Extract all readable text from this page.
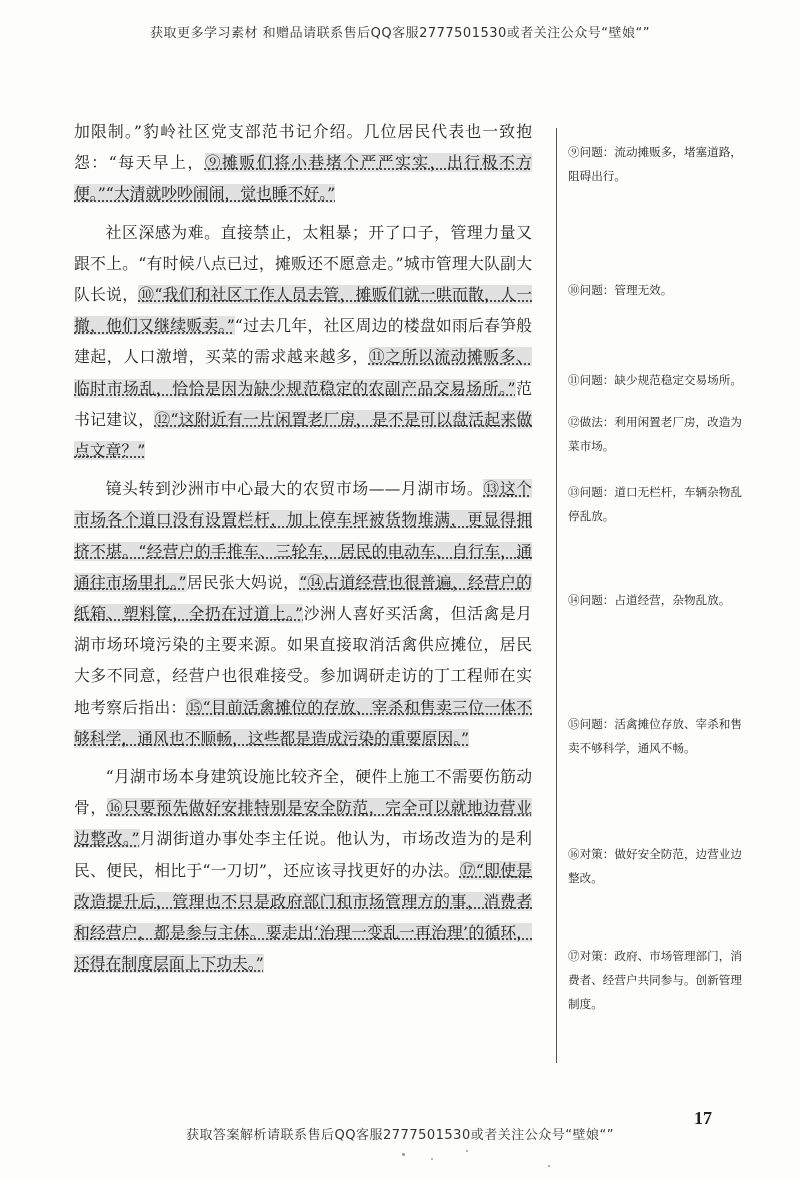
获取更多学习素材 和赠品请联系售后QQ客服2777501530或者关注公众号“壁娘“”

加限制。”豹岭社区党支部范书记介绍。几位居民代表也一致抱怨：“每天早上，⑨摊贩们将小巷堵个严严实实，出行极不方便。”“大清就吵吵闹闹，觉也睡不好。”

社区深感为难。直接禁止，太粗暴；开了口子，管理力量又跟不上。“有时候八点已过，摊贩还不愿意走。”城市管理大队副大队长说，⑩“我们和社区工作人员去管，摊贩们就一哄而散，人一撤，他们又继续贩卖。”“过去几年，社区周边的楼盘如雨后春笋般建起，人口激增，买菜的需求越来越多，⑪之所以流动摊贩多、临时市场乱，恰恰是因为缺少规范稳定的农副产品交易场所。”范书记建议，⑫“这附近有一片闲置老厂房，是不是可以盘活起来做点文章？”

镜头转到沙洲市中心最大的农贸市场——月湖市场。⑬这个市场各个道口没有设置栏杆，加上停车坪被货物堆满，更显得拥挤不堪。“经营户的手推车、三轮车，居民的电动车、自行车，通通往市场里扎。”居民张大妈说，“⑭占道经营也很普遍，经营户的纸箱、塑料筐，全扔在过道上。”沙洲人喜好买活禽，但活禽是月湖市场环境污染的主要来源。如果直接取消活禽供应摊位，居民大多不同意，经营户也很难接受。参加调研走访的丁工程师在实地考察后指出：⑮“目前活禽摊位的存放、宰杀和售卖三位一体不够科学，通风也不顺畅，这些都是造成污染的重要原因。”

“月湖市场本身建筑设施比较齐全，硬件上施工不需要伤筋动骨，⑯只要预先做好安排特别是安全防范，完全可以就地边营业边整改。”月湖街道办事处李主任说。他认为，市场改造为的是利民、便民，相比于“一刀切”，还应该寻找更好的办法。⑰“即使是改造提升后，管理也不只是政府部门和市场管理方的事，消费者和经营户，都是参与主体。要走出‘治理一变乱一再治理’的循环，还得在制度层面上下功夫。”

⑨问题：流动摊贩多，堵塞道路，阻碍出行。
⑩问题：管理无效。
⑪问题：缺少规范稳定交易场所。
⑫做法：利用闲置老厂房，改造为菜市场。
⑬问题：道口无栏杆，车辆杂物乱停乱放。
⑭问题：占道经营，杂物乱放。
⑮问题：活禽摊位存放、宰杀和售卖不够科学，通风不畅。
⑯对策：做好安全防范，边营业边整改。
⑰对策：政府、市场管理部门，消费者、经营户共同参与。创新管理制度。
17
获取答案解析请联系售后QQ客服2777501530或者关注公众号“壁娘“”
